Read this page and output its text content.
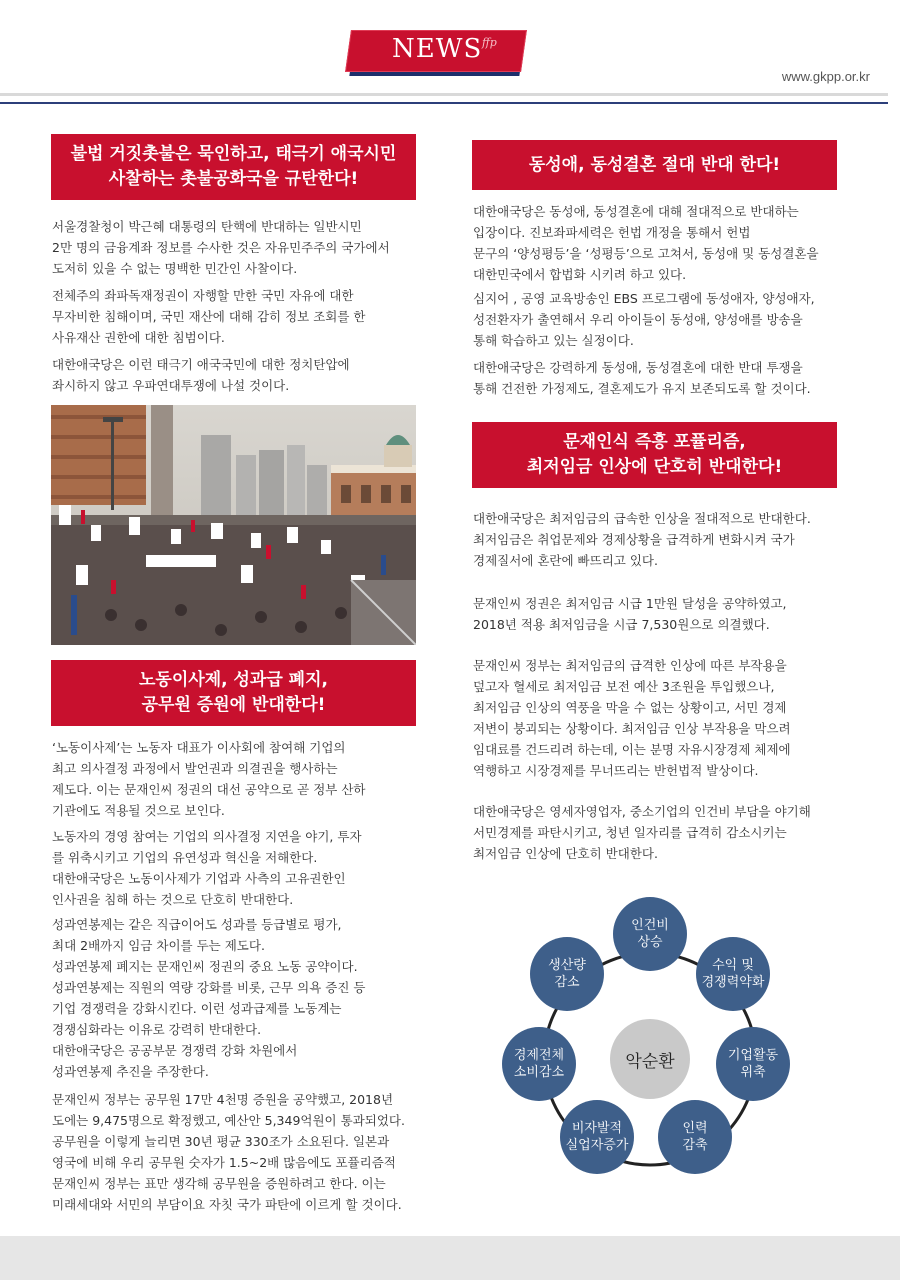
NEWS ffp
www.gkpp.or.kr
불법 거짓촛불은 묵인하고, 태극기 애국시민
사찰하는 촛불공화국을 규탄한다!
서울경찰청이 박근혜 대통령의 탄핵에 반대하는 일반시민
2만 명의 금융계좌 정보를 수사한 것은 자유민주주의 국가에서
도저히 있을 수 없는 명백한 민간인 사찰이다.
전체주의 좌파독재정권이 자행할 만한 국민 자유에 대한
무자비한 침해이며, 국민 재산에 대해 감히 정보 조회를 한
사유재산 권한에 대한 침범이다.
대한애국당은 이런 태극기 애국국민에 대한 정치탄압에
좌시하지 않고 우파연대투쟁에 나설 것이다.
노동이사제, 성과급 폐지,
공무원 증원에 반대한다!
‘노동이사제’는 노동자 대표가 이사회에 참여해 기업의
최고 의사결정 과정에서 발언권과 의결권을 행사하는
제도다. 이는 문재인씨 정권의 대선 공약으로 곧 정부 산하
기관에도 적용될 것으로 보인다.
노동자의 경영 참여는 기업의 의사결정 지연을 야기, 투자
를 위축시키고 기업의 유연성과 혁신을 저해한다.
대한애국당은 노동이사제가 기업과 사측의 고유권한인
인사권을 침해 하는 것으로 단호히 반대한다.
성과연봉제는 같은 직급이어도 성과를 등급별로 평가,
최대 2배까지 임금 차이를 두는 제도다.
성과연봉제 폐지는 문재인씨 정권의 중요 노동 공약이다.
성과연봉제는 직원의 역량 강화를 비롯, 근무 의욕 증진 등
기업 경쟁력을 강화시킨다. 이런 성과급제를 노동계는
경쟁심화라는 이유로 강력히 반대한다.
대한애국당은 공공부문 경쟁력 강화 차원에서
성과연봉제 추진을 주장한다.
문재인씨 정부는 공무원 17만 4천명 증원을 공약했고, 2018년
도에는 9,475명으로 확정했고, 예산안 5,349억원이 통과되었다.
공무원을 이렇게 늘리면 30년 평균 330조가 소요된다. 일본과
영국에 비해 우리 공무원 숫자가 1.5~2배 많음에도 포퓰리즘적
문재인씨 정부는 표만 생각해 공무원을 증원하려고 한다. 이는
미래세대와 서민의 부담이요 자칫 국가 파탄에 이르게 할 것이다.
동성애, 동성결혼 절대 반대 한다!
대한애국당은 동성애, 동성결혼에 대해 절대적으로 반대하는
입장이다. 진보좌파세력은 헌법 개정을 통해서 헌법
문구의 ‘양성평등’을 ‘성평등’으로 고쳐서, 동성애 및 동성결혼을
대한민국에서 합법화 시키려 하고 있다.
심지어 , 공영 교육방송인 EBS 프로그램에 동성애자, 양성애자,
성전환자가 출연해서 우리 아이들이 동성애, 양성애를 방송을
통해 학습하고 있는 실정이다.
대한애국당은 강력하게 동성애, 동성결혼에 대한 반대 투쟁을
통해 건전한 가정제도, 결혼제도가 유지 보존되도록 할 것이다.
문재인식 즉흥 포퓰리즘,
최저임금 인상에 단호히 반대한다!
대한애국당은 최저임금의 급속한 인상을 절대적으로 반대한다.
최저임금은 취업문제와 경제상황을 급격하게 변화시켜 국가
경제질서에 혼란에 빠뜨리고 있다.
문재인씨 정권은 최저임금 시급 1만원 달성을 공약하였고,
2018년 적용 최저임금을 시급 7,530원으로 의결했다.
문재인씨 정부는 최저임금의 급격한 인상에 따른 부작용을
덮고자 혈세로 최저임금 보전 예산 3조원을 투입했으나,
최저임금 인상의 역풍을 막을 수 없는 상황이고, 서민 경제
저변이 붕괴되는 상황이다. 최저임금 인상 부작용을 막으려
임대료를 건드리려 하는데, 이는 분명 자유시장경제 체제에
역행하고 시장경제를 무너뜨리는 반헌법적 발상이다.
대한애국당은 영세자영업자, 중소기업의 인건비 부담을 야기해
서민경제를 파탄시키고, 청년 일자리를 급격히 감소시키는
최저임금 인상에 단호히 반대한다.
악순환
인건비
상승
수익 및
경쟁력약화
기업활동
위축
인력
감축
비자발적
실업자증가
경제전체
소비감소
생산량
감소
